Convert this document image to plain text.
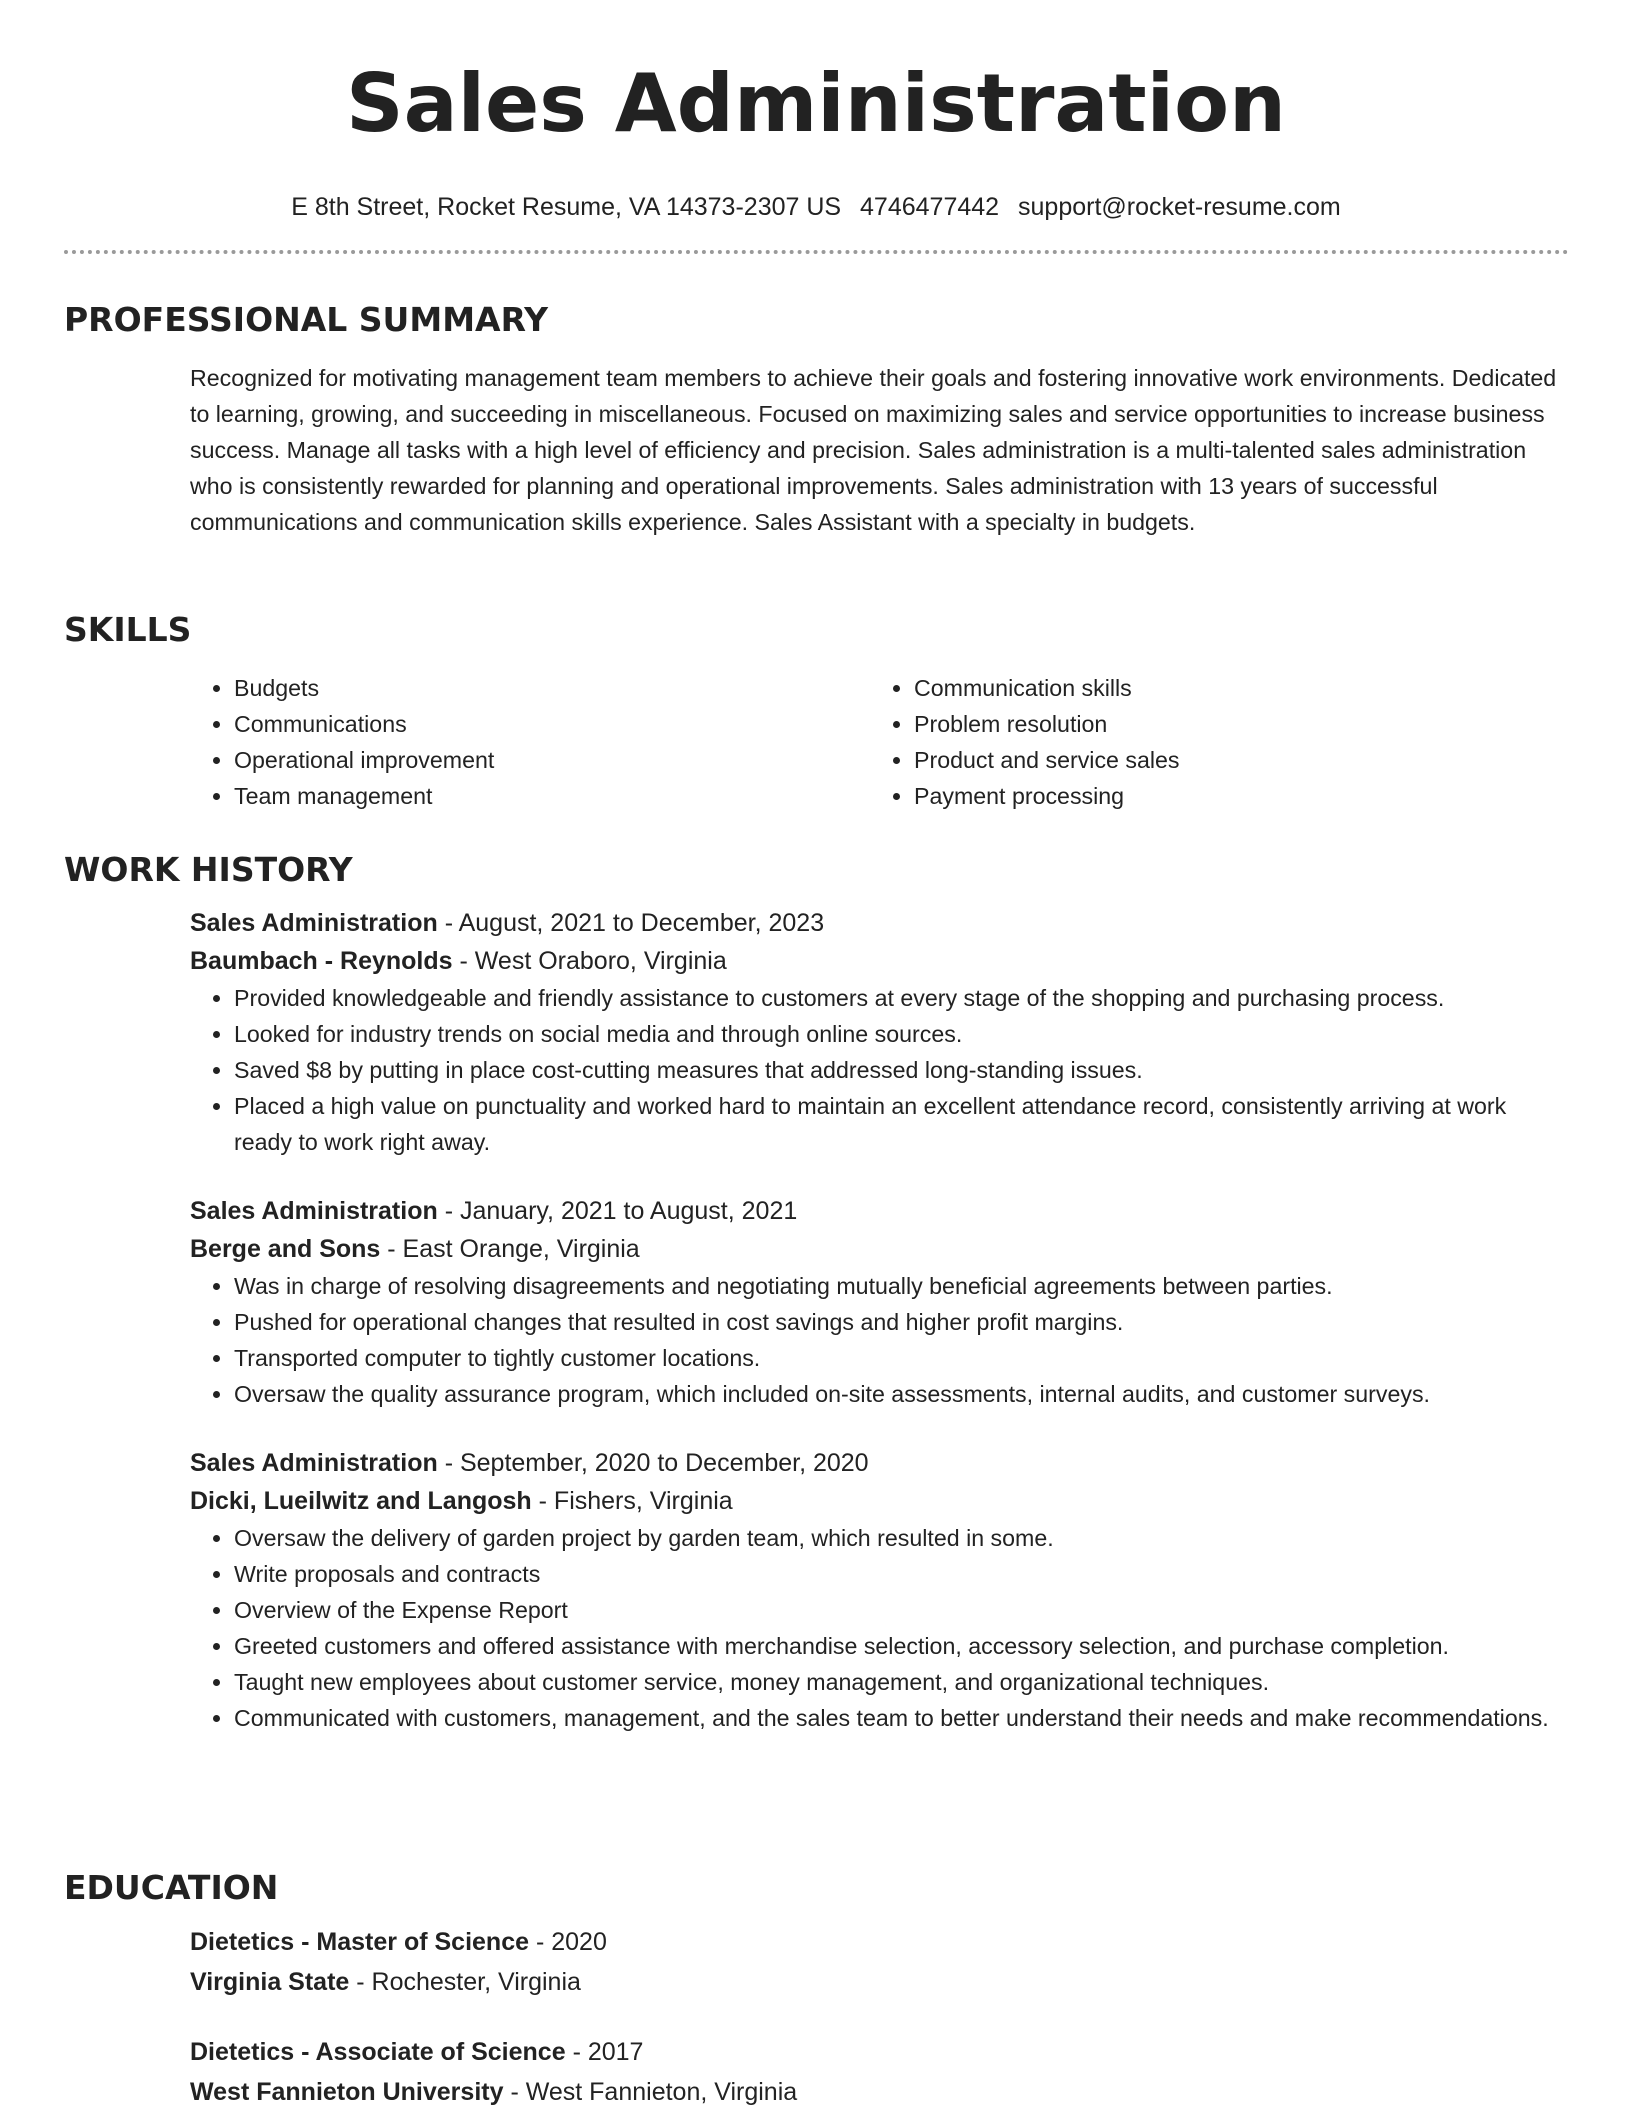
Sales Administration
E 8th Street, Rocket Resume, VA 14373-2307 US 4746477442 support@rocket-resume.com
PROFESSIONAL SUMMARY

Recognized for motivating management team members to achieve their goals and fostering innovative work environments. Dedicated to learning, growing, and succeeding in miscellaneous. Focused on maximizing sales and service opportunities to increase business success. Manage all tasks with a high level of efficiency and precision. Sales administration is a multi-talented sales administration who is consistently rewarded for planning and operational improvements. Sales administration with 13 years of successful communications and communication skills experience. Sales Assistant with a specialty in budgets.

SKILLS
• Budgets
• Communications
• Operational improvement
• Team management
• Communication skills
• Problem resolution
• Product and service sales
• Payment processing
WORK HISTORY
Sales Administration - August, 2021 to December, 2023
Baumbach - Reynolds - West Oraboro, Virginia
• Provided knowledgeable and friendly assistance to customers at every stage of the shopping and purchasing process.
• Looked for industry trends on social media and through online sources.
• Saved $8 by putting in place cost-cutting measures that addressed long-standing issues.
• Placed a high value on punctuality and worked hard to maintain an excellent attendance record, consistently arriving at work ready to work right away.
Sales Administration - January, 2021 to August, 2021
Berge and Sons - East Orange, Virginia
• Was in charge of resolving disagreements and negotiating mutually beneficial agreements between parties.
• Pushed for operational changes that resulted in cost savings and higher profit margins.
• Transported computer to tightly customer locations.
• Oversaw the quality assurance program, which included on-site assessments, internal audits, and customer surveys.
Sales Administration - September, 2020 to December, 2020
Dicki, Lueilwitz and Langosh - Fishers, Virginia
• Oversaw the delivery of garden project by garden team, which resulted in some.
• Write proposals and contracts
• Overview of the Expense Report
• Greeted customers and offered assistance with merchandise selection, accessory selection, and purchase completion.
• Taught new employees about customer service, money management, and organizational techniques.
• Communicated with customers, management, and the sales team to better understand their needs and make recommendations.
EDUCATION
Dietetics - Master of Science - 2020
Virginia State - Rochester, Virginia
Dietetics - Associate of Science - 2017
West Fannieton University - West Fannieton, Virginia
